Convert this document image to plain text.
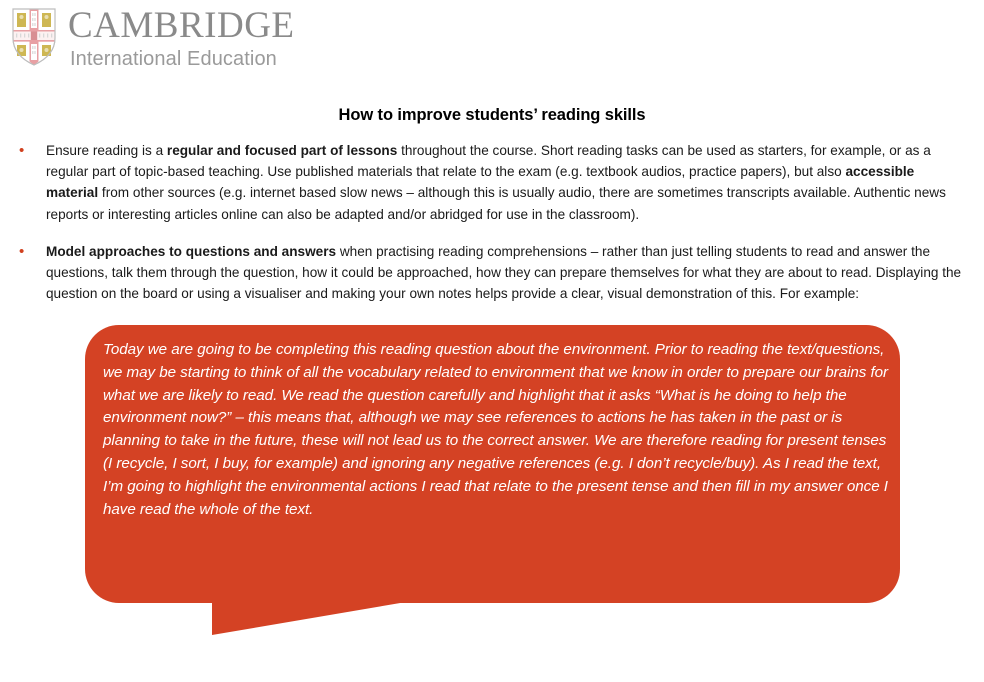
CAMBRIDGE
International Education
How to improve students’ reading skills
•	Ensure reading is a regular and focused part of lessons throughout the course. Short reading tasks can be used as starters, for example, or as a regular part of topic-based teaching. Use published materials that relate to the exam (e.g. textbook audios, practice papers), but also accessible material from other sources (e.g. internet based slow news – although this is usually audio, there are sometimes transcripts available. Authentic news reports or interesting articles online can also be adapted and/or abridged for use in the classroom).
•	Model approaches to questions and answers when practising reading comprehensions – rather than just telling students to read and answer the questions, talk them through the question, how it could be approached, how they can prepare themselves for what they are about to read. Displaying the question on the board or using a visualiser and making your own notes helps provide a clear, visual demonstration of this. For example:
Today we are going to be completing this reading question about the environment. Prior to reading the text/questions, we may be starting to think of all the vocabulary related to environment that we know in order to prepare our brains for what we are likely to read. We read the question carefully and highlight that it asks “What is he doing to help the environment now?” – this means that, although we may see references to actions he has taken in the past or is planning to take in the future, these will not lead us to the correct answer. We are therefore reading for present tenses (I recycle, I sort, I buy, for example) and ignoring any negative references (e.g. I don’t recycle/buy). As I read the text, I’m going to highlight the environmental actions I read that relate to the present tense and then fill in my answer once I have read the whole of the text.
